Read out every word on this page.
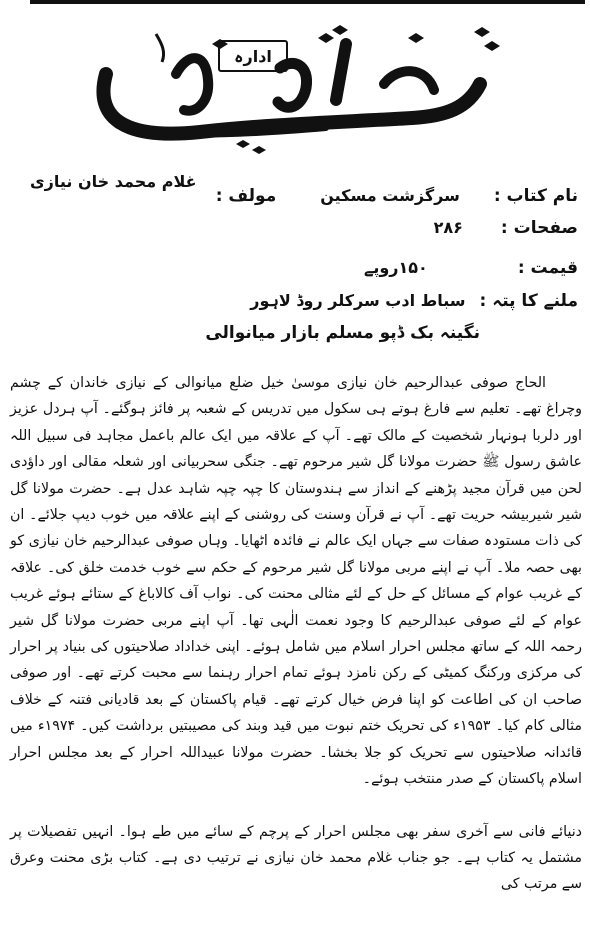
ادارہ
نام کتاب :
سرگزشت مسکین
مولف :
غلام محمد خان نیازی
صفحات :
۲۸۶
قیمت :
۱۵۰روپے
ملنے کا پتہ :
سباط ادب سرکلر روڈ لاہور
نگینہ بک ڈپو مسلم بازار میانوالی

الحاج صوفی عبدالرحیم خان نیازی موسیٰ خیل ضلع میانوالی کے نیازی خاندان کے چشم وچراغ تھے۔ تعلیم سے فارغ ہوتے ہی سکول میں تدریس کے شعبہ پر فائز ہوگئے۔ آپ ہردل عزیز اور دلربا ہونہار شخصیت کے مالک تھے۔ آپ کے علاقہ میں ایک عالم باعمل مجاہد فی سبیل اللہ عاشق رسول ﷺ حضرت مولانا گل شیر مرحوم تھے۔ جنگی سحربیانی اور شعلہ مقالی اور داؤدی لحن میں قرآن مجید پڑھنے کے انداز سے ہندوستان کا چپہ چپہ شاہد عدل ہے۔ حضرت مولانا گل شیر شیربیشہ حریت تھے۔ آپ نے قرآن وسنت کی روشنی کے اپنے علاقہ میں خوب دیپ جلائے۔ ان کی ذات مستودہ صفات سے جہاں ایک عالم نے فائدہ اٹھایا۔ وہاں صوفی عبدالرحیم خان نیازی کو بھی حصہ ملا۔ آپ نے اپنے مربی مولانا گل شیر مرحوم کے حکم سے خوب خدمت خلق کی۔ علاقہ کے غریب عوام کے مسائل کے حل کے لئے مثالی محنت کی۔ نواب آف کالاباغ کے ستائے ہوئے غریب عوام کے لئے صوفی عبدالرحیم کا وجود نعمت الٰہی تھا۔ آپ اپنے مربی حضرت مولانا گل شیر رحمہ اللہ کے ساتھ مجلس احرار اسلام میں شامل ہوئے۔ اپنی خداداد صلاحیتوں کی بنیاد پر احرار کی مرکزی ورکنگ کمیٹی کے رکن نامزد ہوئے تمام احرار رہنما سے محبت کرتے تھے۔ اور صوفی صاحب ان کی اطاعت کو اپنا فرض خیال کرتے تھے۔ قیام پاکستان کے بعد قادیانی فتنہ کے خلاف مثالی کام کیا۔ ۱۹۵۳ء کی تحریک ختم نبوت میں قید وبند کی مصیبتیں برداشت کیں۔ ۱۹۷۴ء میں قائدانہ صلاحیتوں سے تحریک کو جلا بخشا۔ حضرت مولانا عبیداللہ احرار کے بعد مجلس احرار اسلام پاکستان کے صدر منتخب ہوئے۔

دنیائے فانی سے آخری سفر بھی مجلس احرار کے پرچم کے سائے میں طے ہوا۔ انہیں تفصیلات پر مشتمل یہ کتاب ہے۔ جو جناب غلام محمد خان نیازی نے ترتیب دی ہے۔ کتاب بڑی محنت وعرق سے مرتب کی
